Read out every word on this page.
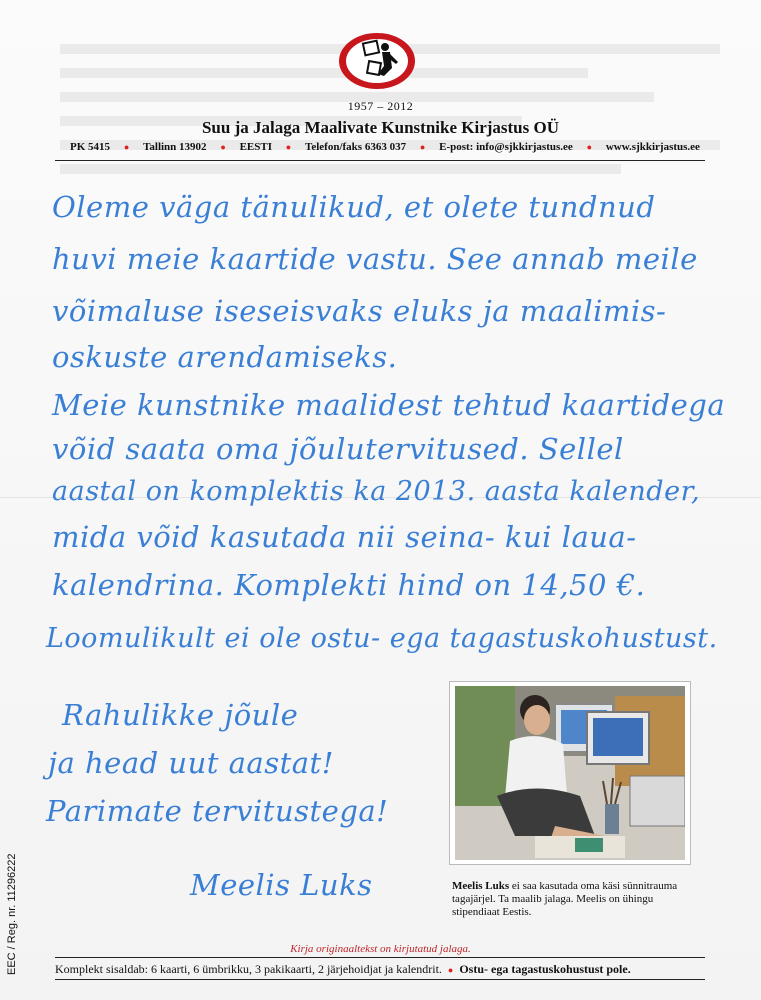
1957 – 2012
Suu ja Jalaga Maalivate Kunstnike Kirjastus OÜ
PK 5415 ● Tallinn 13902 ● EESTI ● Telefon/faks 6363 037 ● E-post: info@sjkkirjastus.ee ● www.sjkkirjastus.ee
Oleme väga tänulikud, et olete tundnud
huvi meie kaartide vastu. See annab meile
võimaluse iseseisvaks eluks ja maalimis-
oskuste arendamiseks.
Meie kunstnike maalidest tehtud kaartidega
võid saata oma jõulutervitused. Sellel
aastal on komplektis ka 2013. aasta kalender,
mida võid kasutada nii seina- kui laua-
kalendrina. Komplekti hind on 14,50 €.
Loomulikult ei ole ostu- ega tagastuskohustust.
Rahulikke jõule
ja head uut aastat!
Parimate tervitustega!
Meelis Luks	Meelis Luks ei saa kasutada oma käsi sünnitrauma tagajärjel. Ta maalib jalaga. Meelis on ühingu stipendiaat Eestis.
EEC / Reg. nr. 11296222	Kirja originaaltekst on kirjutatud jalaga.
Komplekt sisaldab: 6 kaarti, 6 ümbrikku, 3 pakikaarti, 2 järjehoidjat ja kalendrit. ● Ostu- ega tagastuskohustust pole.
